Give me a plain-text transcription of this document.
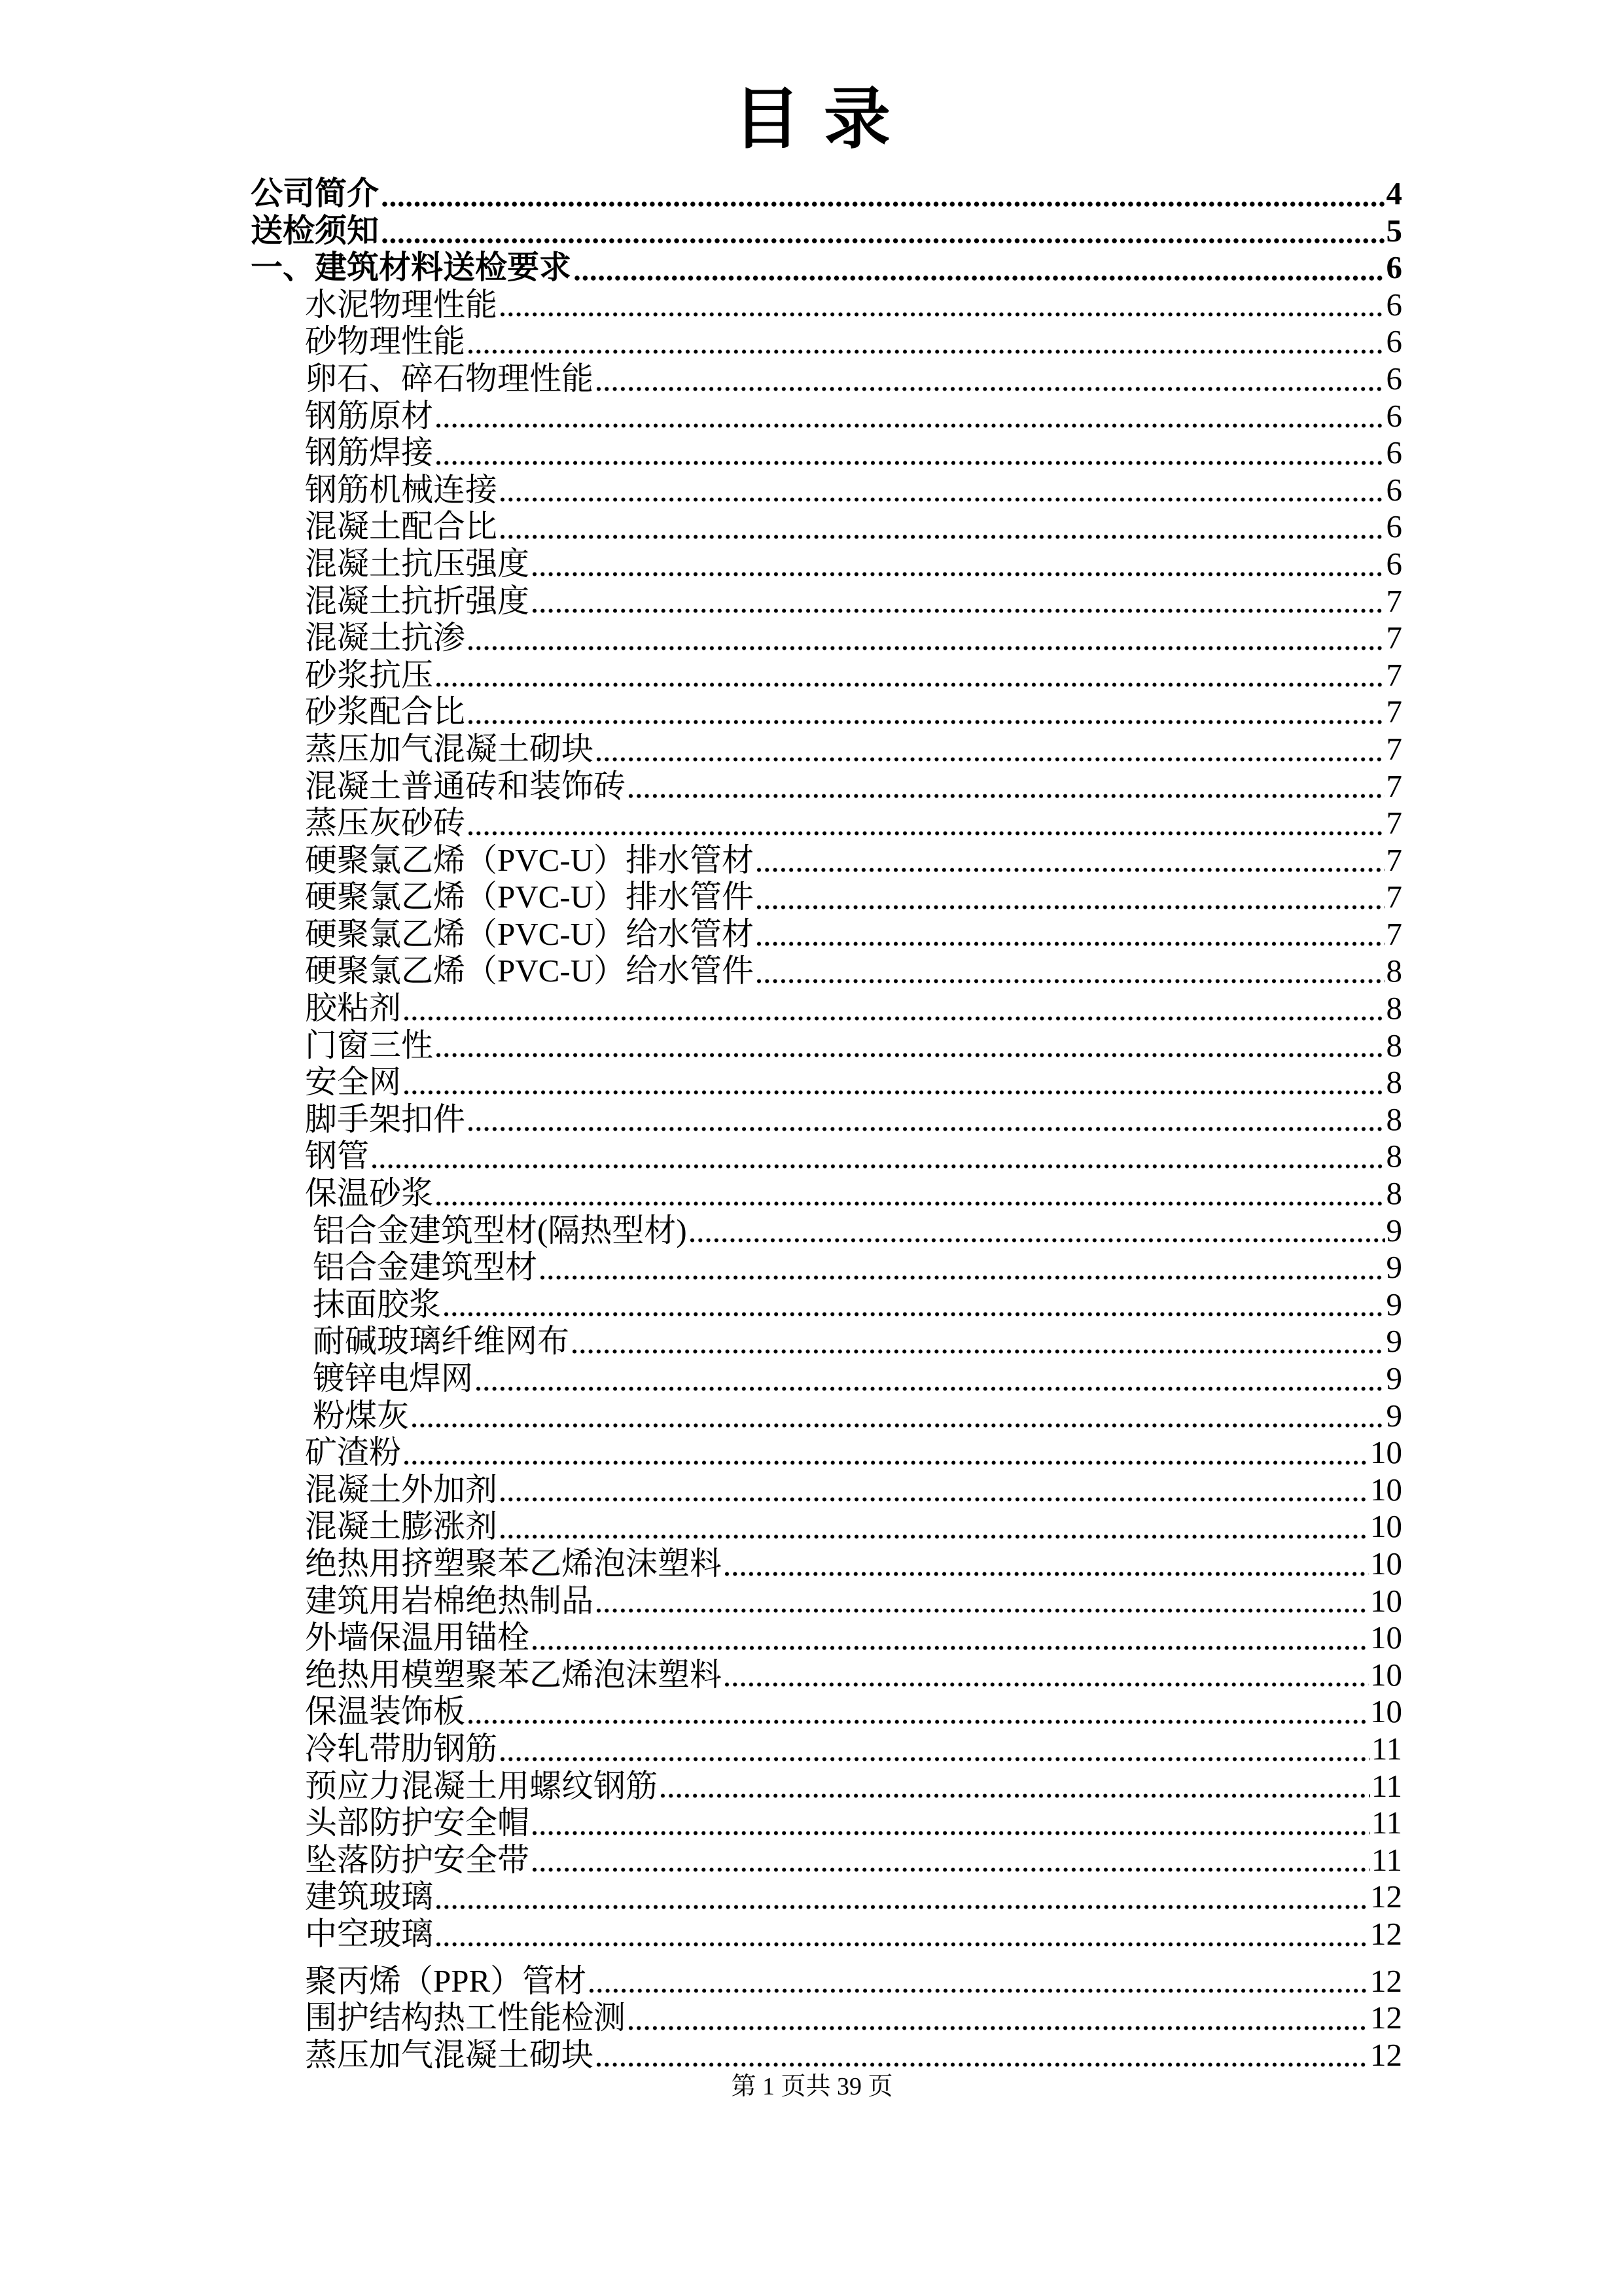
目录
公司简介	4
送检须知	5
一、建筑材料送检要求	6
水泥物理性能	6
砂物理性能	6
卵石、碎石物理性能	6
钢筋原材	6
钢筋焊接	6
钢筋机械连接	6
混凝土配合比	6
混凝土抗压强度	6
混凝土抗折强度	7
混凝土抗渗	7
砂浆抗压	7
砂浆配合比	7
蒸压加气混凝土砌块	7
混凝土普通砖和装饰砖	7
蒸压灰砂砖	7
硬聚氯乙烯（PVC-U）排水管材	7
硬聚氯乙烯（PVC-U）排水管件	7
硬聚氯乙烯（PVC-U）给水管材	7
硬聚氯乙烯（PVC-U）给水管件	8
胶粘剂	8
门窗三性	8
安全网	8
脚手架扣件	8
钢管	8
保温砂浆	8
铝合金建筑型材(隔热型材)	9
铝合金建筑型材	9
抹面胶浆	9
耐碱玻璃纤维网布	9
镀锌电焊网	9
粉煤灰	9
矿渣粉	10
混凝土外加剂	10
混凝土膨涨剂	10
绝热用挤塑聚苯乙烯泡沫塑料	10
建筑用岩棉绝热制品	10
外墙保温用锚栓	10
绝热用模塑聚苯乙烯泡沫塑料	10
保温装饰板	10
冷轧带肋钢筋	11
预应力混凝土用螺纹钢筋	11
头部防护安全帽	11
坠落防护安全带	11
建筑玻璃	12
中空玻璃	12
聚丙烯（PPR）管材	12
围护结构热工性能检测	12
蒸压加气混凝土砌块	12
第 1 页共 39 页
